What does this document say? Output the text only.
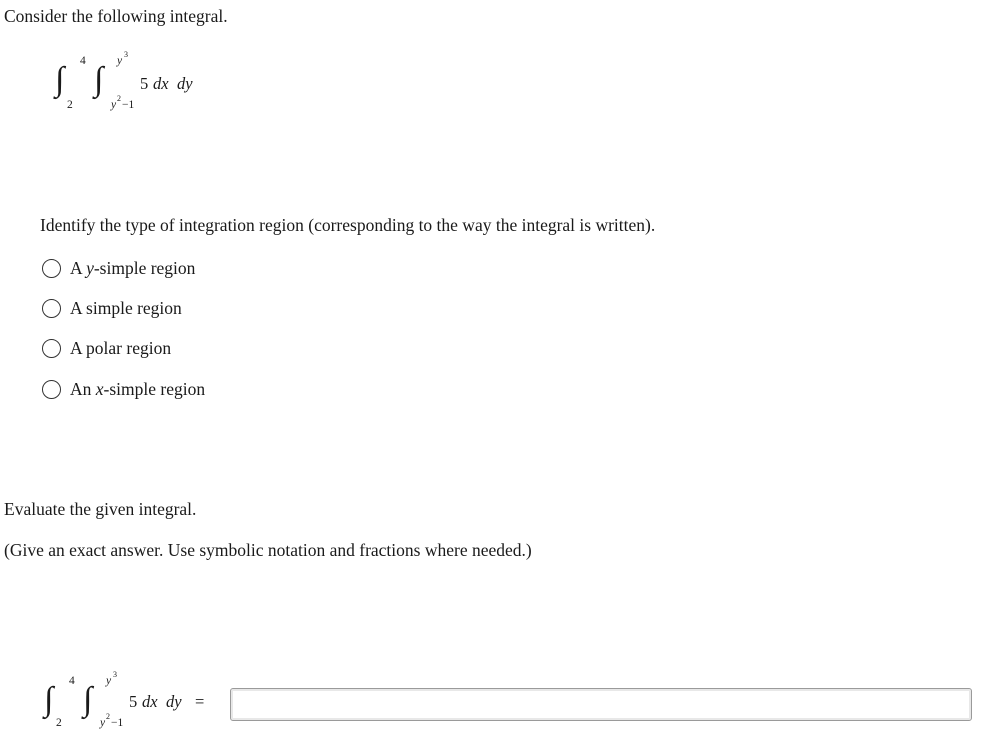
Consider the following integral.
∫ 4
2
∫ y
3
y
2
−1
5 dx dy
Identify the type of integration region (corresponding to the way the integral is written).
A y-simple region
A simple region
A polar region
An x-simple region
Evaluate the given integral.
(Give an exact answer. Use symbolic notation and fractions where needed.)
∫ 4
2
∫ y
3
y
2
−1
5 dx dy =
